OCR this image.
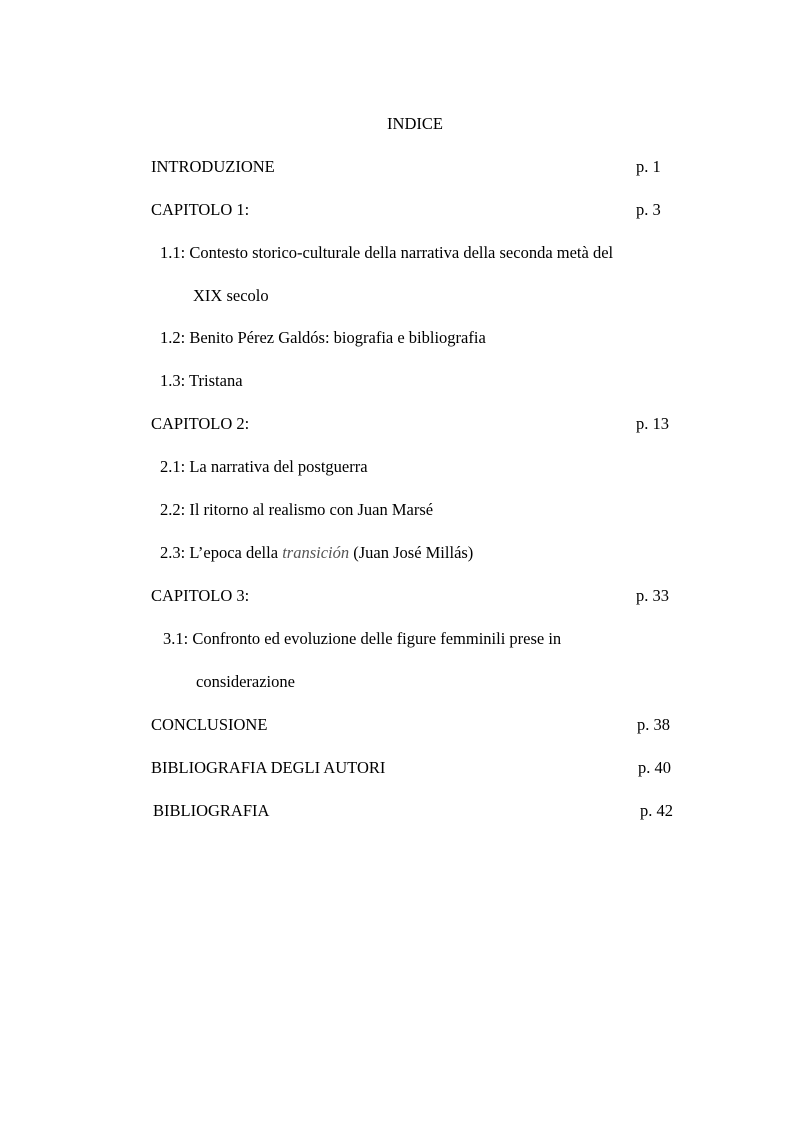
INDICE
INTRODUZIONE	p. 1
CAPITOLO 1:	p. 3
1.1: Contesto storico-culturale della narrativa della seconda metà del
XIX secolo
1.2: Benito Pérez Galdós: biografia e bibliografia
1.3: Tristana
CAPITOLO 2:	p. 13
2.1: La narrativa del postguerra
2.2: Il ritorno al realismo con Juan Marsé
2.3: L’epoca della transición (Juan José Millás)
CAPITOLO 3:	p. 33
3.1: Confronto ed evoluzione delle figure femminili prese in
considerazione
CONCLUSIONE	p. 38
BIBLIOGRAFIA DEGLI AUTORI	p. 40
BIBLIOGRAFIA	p. 42
